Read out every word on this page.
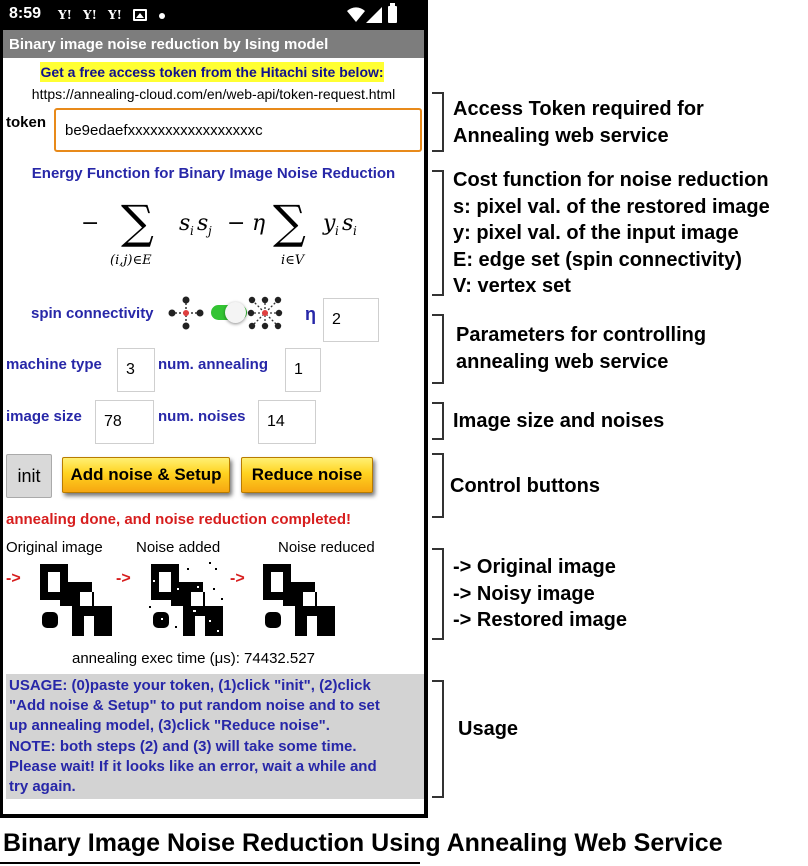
8:59 Y! Y! Y!
Binary image noise reduction by Ising model
Get a free access token from the Hitachi site below:
https://annealing-cloud.com/en/web-api/token-request.html
token
be9edaefxxxxxxxxxxxxxxxxxc
Energy Function for Binary Image Noise Reduction
− ∑
(i,j)∈E
s i s j − η ∑
i∈V
y i s i
spin connectivity	η
2
machine type
3	num. annealing
1
image size
78	num. noises
14
init	Add noise & Setup	Reduce noise
annealing done, and noise reduction completed!
Original image Noise added	Noise reduced
->	->	->
annealing exec time (μs): 74432.527
USAGE: (0)paste your token, (1)click "init", (2)click
"Add noise & Setup" to put random noise and to set
up annealing model, (3)click "Reduce noise".
NOTE: both steps (2) and (3) will take some time.
Please wait! If it looks like an error, wait a while and
try again.
Access Token required for
Annealing web service
Cost function for noise reduction
s: pixel val. of the restored image
y: pixel val. of the input image
E: edge set (spin connectivity)
V: vertex set
Parameters for controlling
annealing web service
Image size and noises
Control buttons
-> Original image
-> Noisy image
-> Restored image
Usage
Binary Image Noise Reduction Using Annealing Web Service
